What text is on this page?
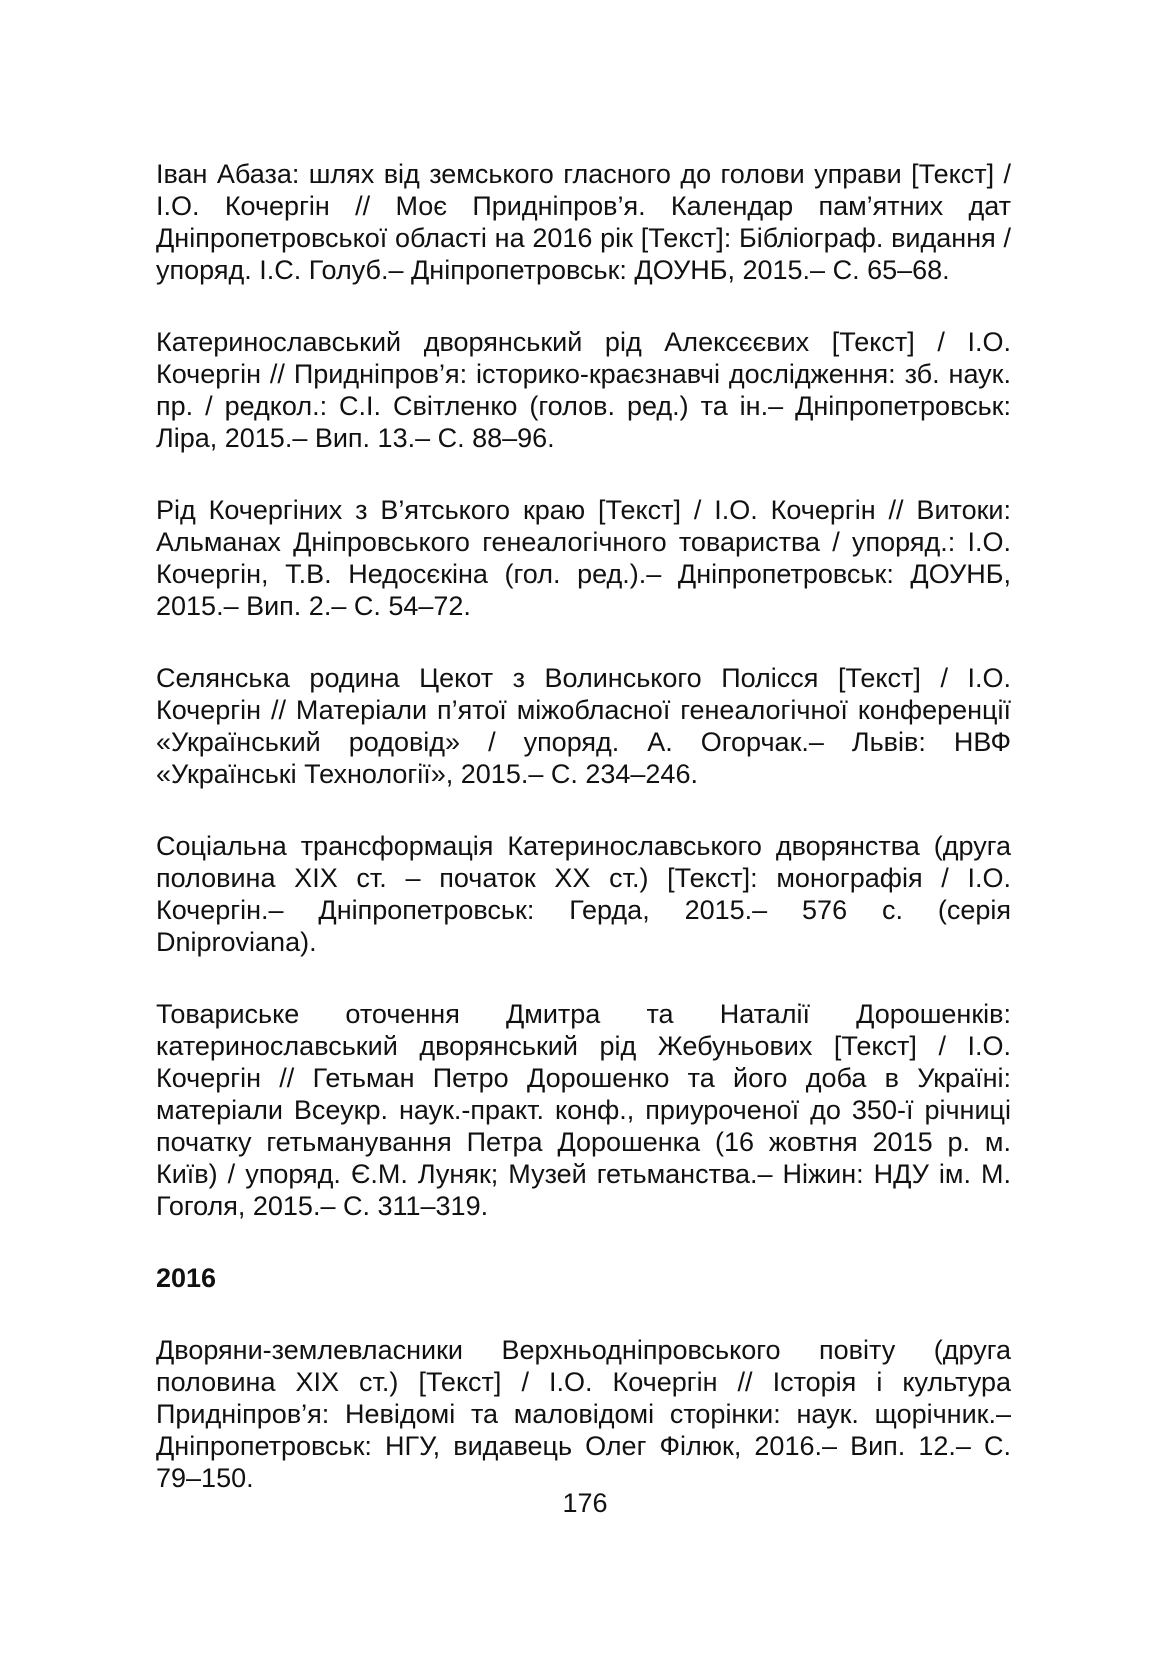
Іван Абаза: шлях від земського гласного до голови управи [Текст] / І.О. Кочергін // Моє Придніпров’я. Календар пам’ятних дат Дніпропетровської області на 2016 рік [Текст]: Бібліограф. видання / упоряд. І.С. Голуб.– Дніпропетровськ: ДОУНБ, 2015.– С. 65–68.

Катеринославський дворянський рід Алексєєвих [Текст] / І.О. Кочергін // Придніпров’я: історико-краєзнавчі дослідження: зб. наук. пр. / редкол.: С.І. Світленко (голов. ред.) та ін.– Дніпропетровськ: Ліра, 2015.– Вип. 13.– С. 88–96.

Рід Кочергіних з В’ятського краю [Текст] / І.О. Кочергін // Витоки: Альманах Дніпровського генеалогічного товариства / упоряд.: І.О. Кочергін, Т.В. Недосєкіна (гол. ред.).– Дніпропетровськ: ДОУНБ, 2015.– Вип. 2.– С. 54–72.

Селянська родина Цекот з Волинського Полісся [Текст] / І.О. Кочергін // Матеріали п’ятої міжобласної генеалогічної конференції «Український родовід» / упоряд. А. Огорчак.– Львів: НВФ «Українські Технології», 2015.– С. 234–246.

Соціальна трансформація Катеринославського дворянства (друга половина ХІХ ст. – початок ХХ ст.) [Текст]: монографія / І.О. Кочергін.– Дніпропетровськ: Герда, 2015.– 576 с. (серія Dniproviana).

Товариське оточення Дмитра та Наталії Дорошенків: катеринославський дворянський рід Жебуньових [Текст] / І.О. Кочергін // Гетьман Петро Дорошенко та його доба в Україні: матеріали Всеукр. наук.-практ. конф., приуроченої до 350-ї річниці початку гетьманування Петра Дорошенка (16 жовтня 2015 р. м. Київ) / упоряд. Є.М. Луняк; Музей гетьманства.– Ніжин: НДУ ім. М. Гоголя, 2015.– С. 311–319.

2016

Дворяни-землевласники Верхньодніпровського повіту (друга половина ХІХ ст.) [Текст] / І.О. Кочергін // Історія і культура Придніпров’я: Невідомі та маловідомі сторінки: наук. щорічник.– Дніпропетровськ: НГУ, видавець Олег Філюк, 2016.– Вип. 12.– С. 79–150.

176
